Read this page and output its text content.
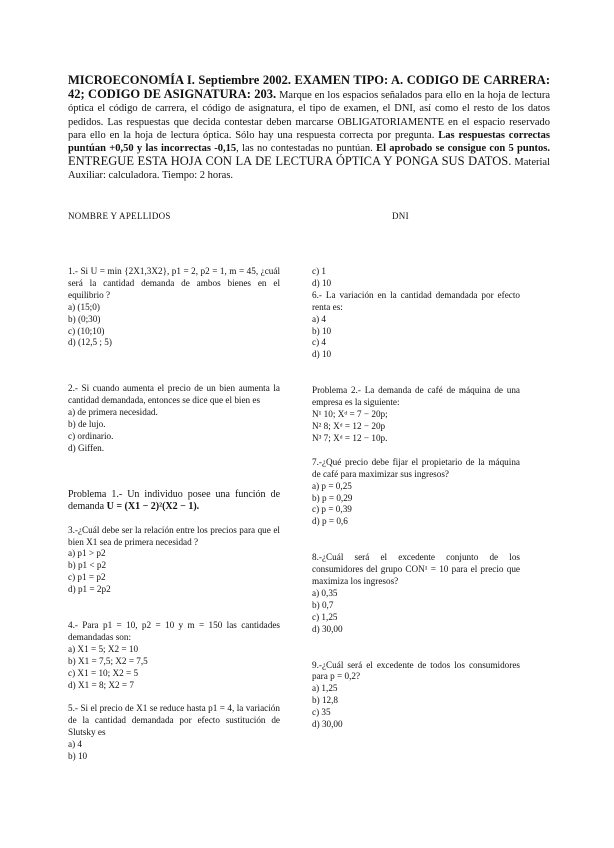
MICROECONOMÍA I. Septiembre 2002. EXAMEN TIPO: A. CODIGO DE CARRERA: 42; CODIGO DE ASIGNATURA: 203. Marque en los espacios señalados para ello en la hoja de lectura óptica el código de carrera, el código de asignatura, el tipo de examen, el DNI, así como el resto de los datos pedidos. Las respuestas que decida contestar deben marcarse OBLIGATORIAMENTE en el espacio reservado para ello en la hoja de lectura óptica. Sólo hay una respuesta correcta por pregunta. Las respuestas correctas puntúan +0,50 y las incorrectas -0,15, las no contestadas no puntúan. El aprobado se consigue con 5 puntos. ENTREGUE ESTA HOJA CON LA DE LECTURA ÓPTICA Y PONGA SUS DATOS. Material Auxiliar: calculadora. Tiempo: 2 horas.
NOMBRE Y APELLIDOS	DNI

1.- Si U = min {2X1,3X2}, p1 = 2, p2 = 1, m = 45, ¿cuál será la cantidad demanda de ambos bienes en el equilibrio ?

a) (15;0)

b) (0;30)

c) (10;10)

d) (12,5 ; 5)

2.- Si cuando aumenta el precio de un bien aumenta la cantidad demandada, entonces se dice que el bien es

a) de primera necesidad.

b) de lujo.

c) ordinario.

d) Giffen.

Problema 1.- Un individuo posee una función de demanda U = (X1 − 2)²(X2 − 1).

3.-¿Cuál debe ser la relación entre los precios para que el bien X1 sea de primera necesidad ?

a) p1 > p2

b) p1 < p2

c) p1 = p2

d) p1 = 2p2

4.- Para p1 = 10, p2 = 10 y m = 150 las cantidades demandadas son:

a) X1 = 5; X2 = 10

b) X1 = 7,5; X2 = 7,5

c) X1 = 10; X2 = 5

d) X1 = 8; X2 = 7

5.- Si el precio de X1 se reduce hasta p1 = 4, la variación de la cantidad demandada por efecto sustitución de Slutsky es

a) 4

b) 10

c) 1

d) 10

6.- La variación en la cantidad demandada por efecto renta es:

a) 4

b) 10

c) 4

d) 10

Problema 2.- La demanda de café de máquina de una empresa es la siguiente:

N¹ 10; Xᵈ = 7 − 20p;

N² 8; Xᵈ = 12 − 20p

N³ 7; Xᵈ = 12 − 10p.

7.-¿Qué precio debe fijar el propietario de la máquina de café para maximizar sus ingresos?

a) p = 0,25

b) p = 0,29

c) p = 0,39

d) p = 0,6

8.-¿Cuál será el excedente conjunto de los consumidores del grupo CON¹ = 10 para el precio que maximiza los ingresos?

a) 0,35

b) 0,7

c) 1,25

d) 30,00

9.-¿Cuál será el excedente de todos los consumidores para p = 0,2?

a) 1,25

b) 12,8

c) 35

d) 30,00
